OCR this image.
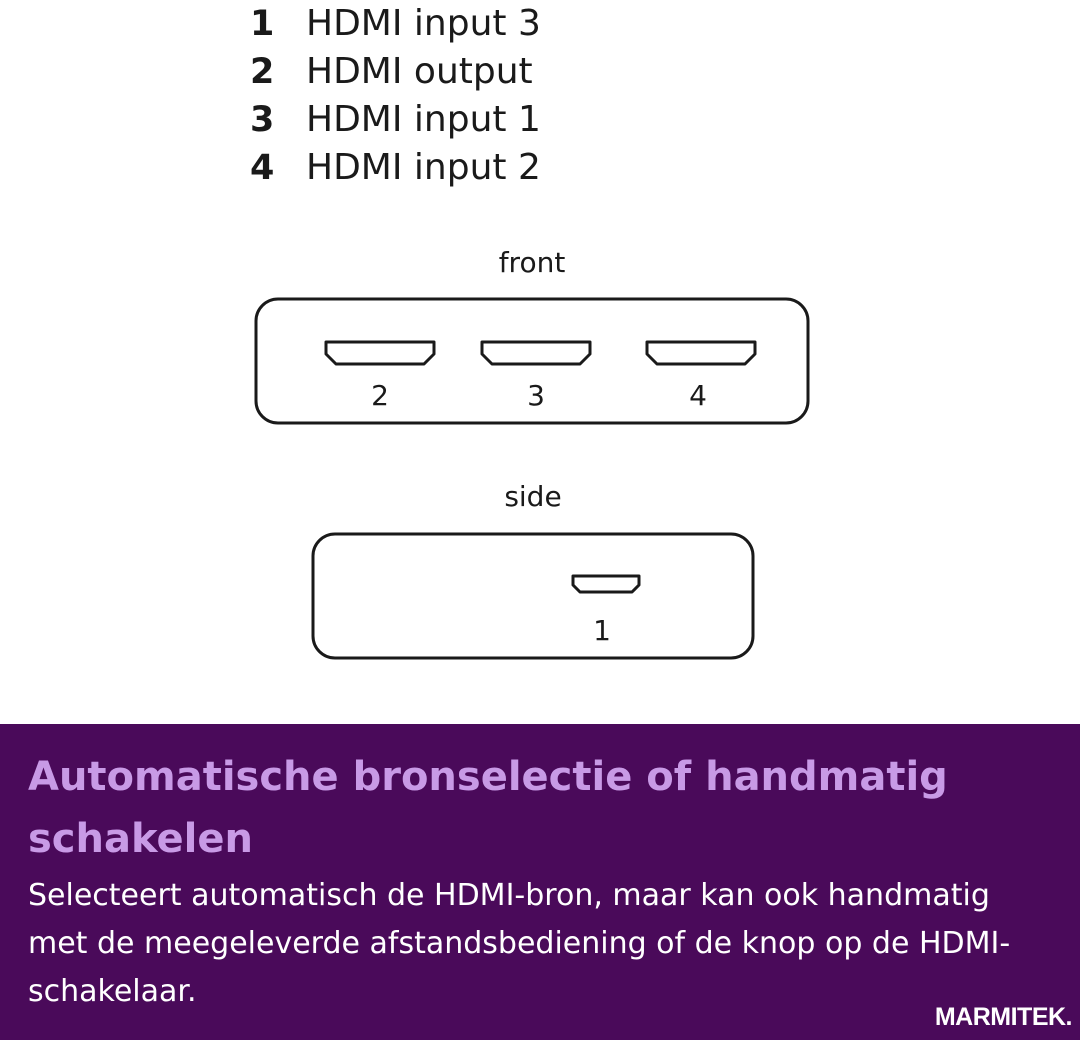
1 HDMI input 3
2 HDMI output
3 HDMI input 1
4 HDMI input 2
front
2	3	4
side
1
Automatische bronselectie of handmatig schakelen

Selecteert automatisch de HDMI-bron, maar kan ook handmatig met de meegeleverde afstandsbediening of de knop op de HDMI-schakelaar.

MARMITEK.
